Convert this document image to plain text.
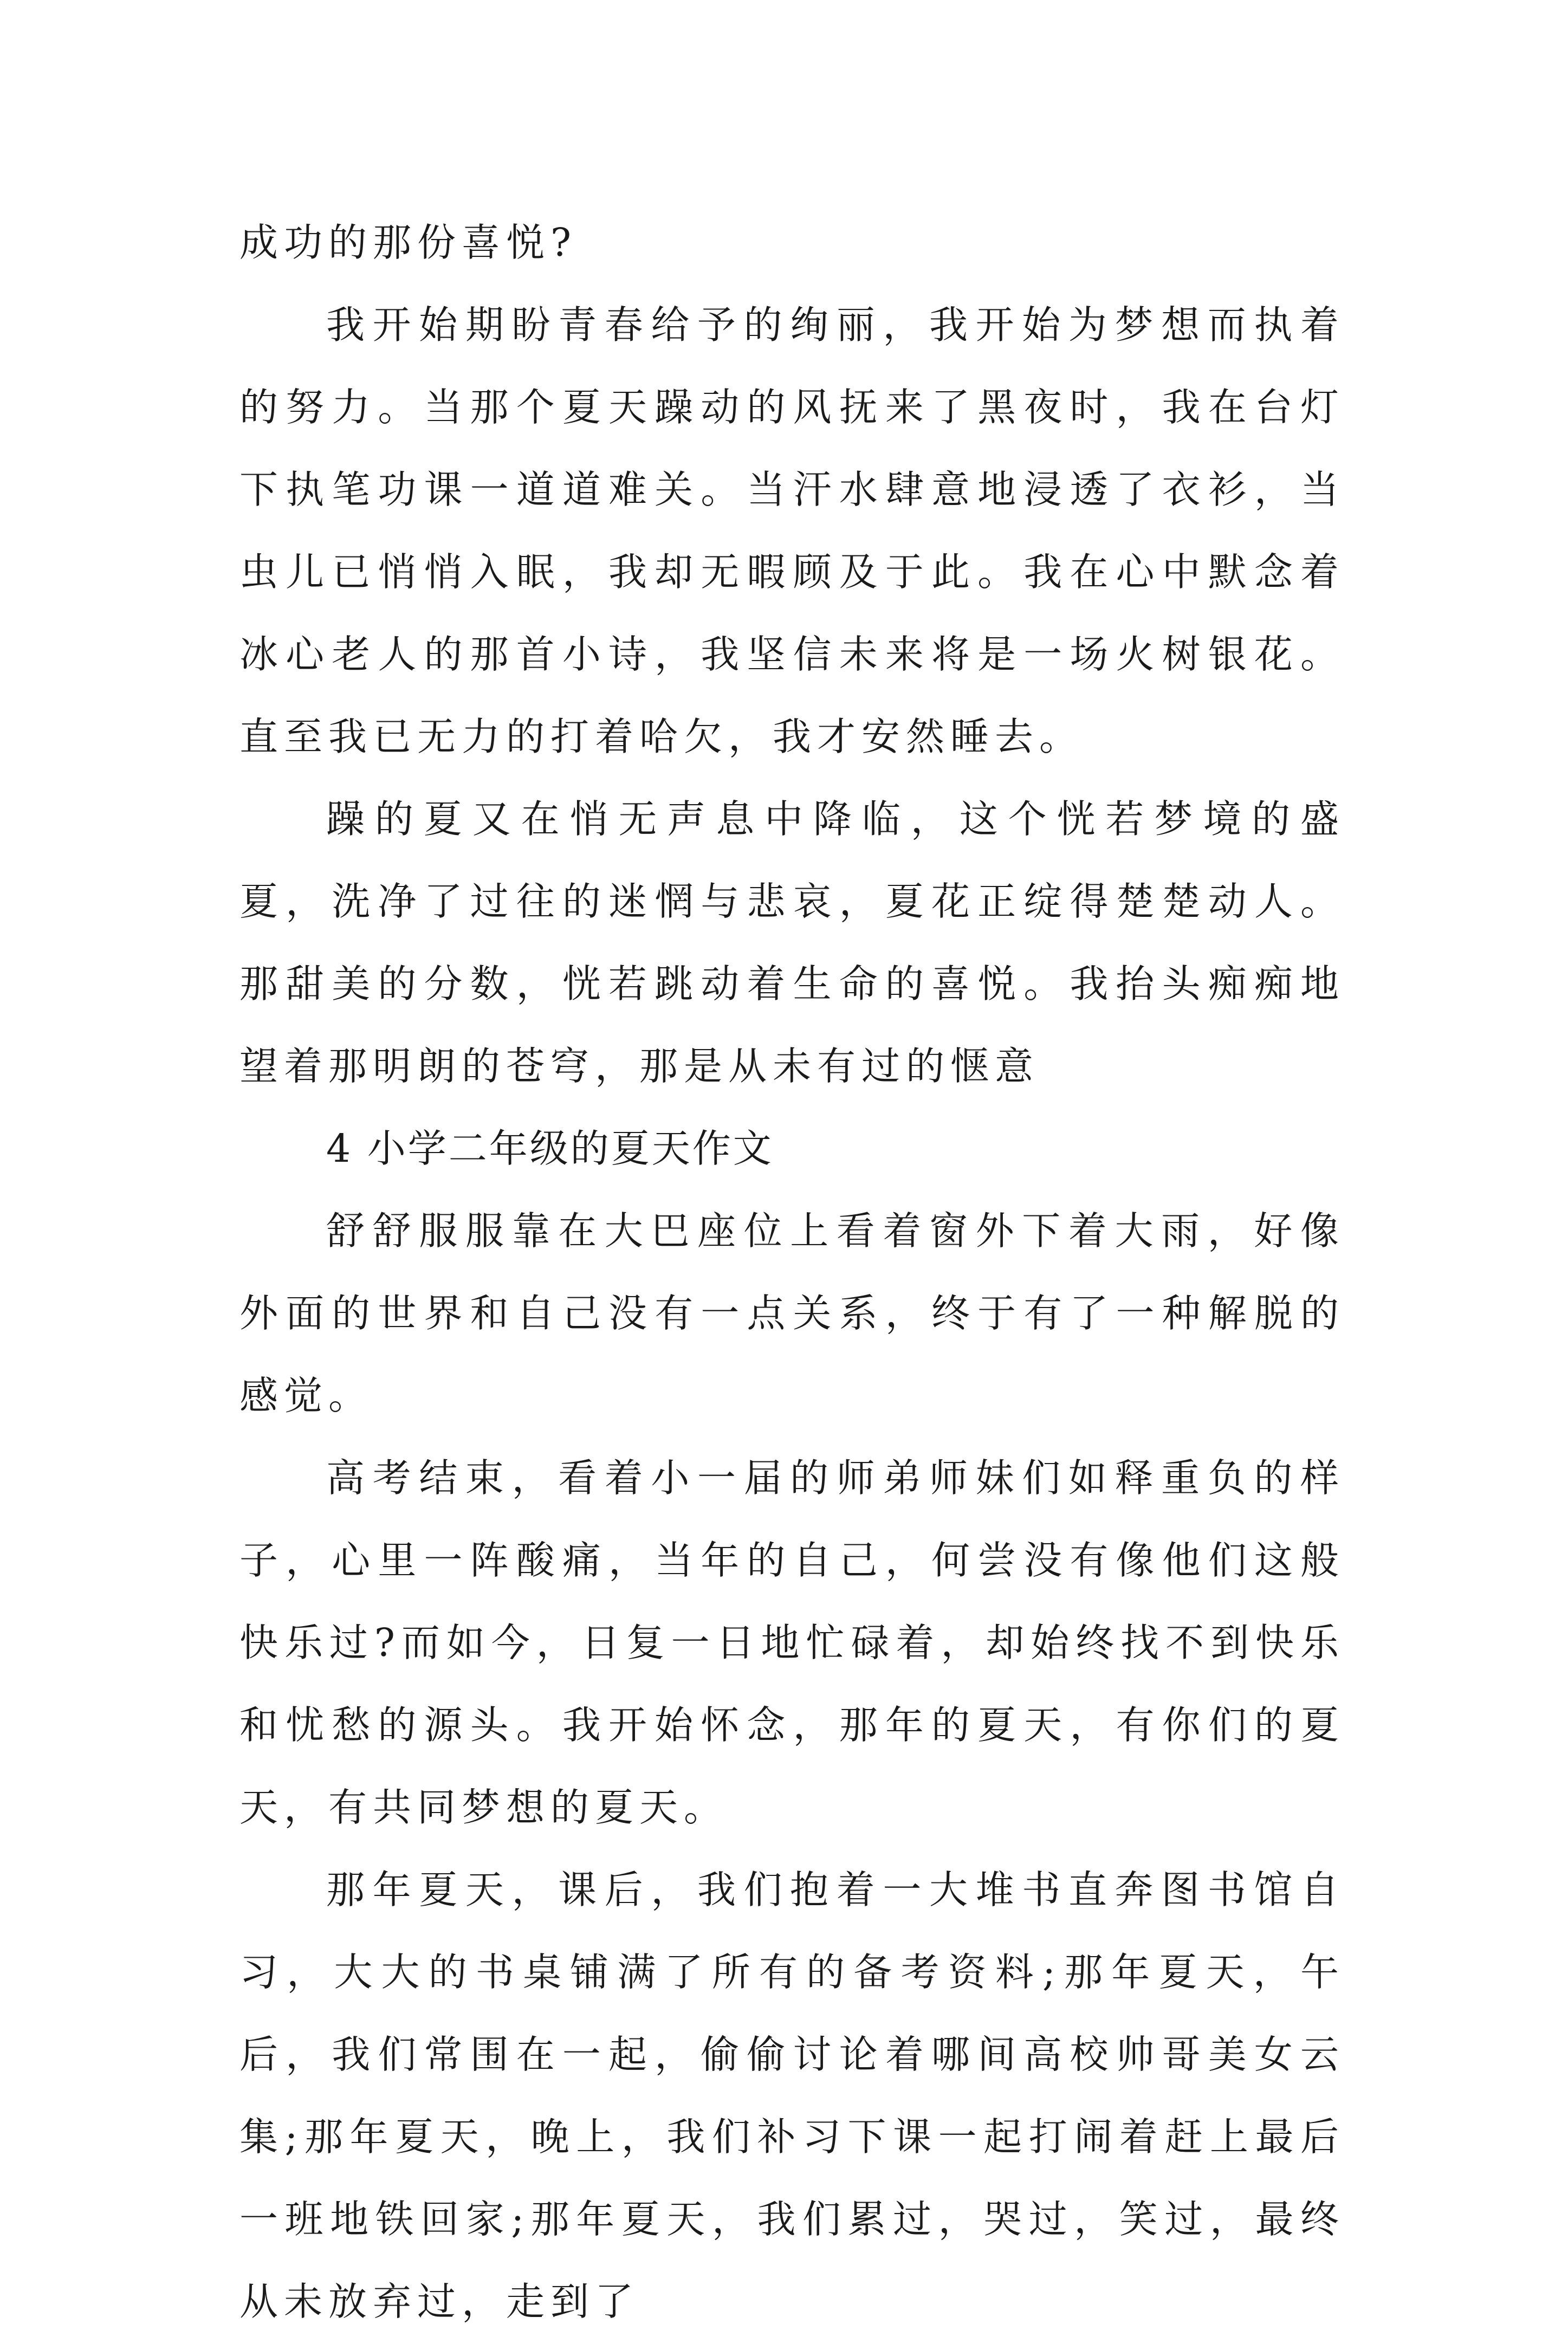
成功的那份喜悦?

我开始期盼青春给予的绚丽，我开始为梦想而执着的努力。当那个夏天躁动的风抚来了黑夜时，我在台灯下执笔功课一道道难关。当汗水肆意地浸透了衣衫，当虫儿已悄悄入眠，我却无暇顾及于此。我在心中默念着冰心老人的那首小诗，我坚信未来将是一场火树银花。直至我已无力的打着哈欠，我才安然睡去。

躁的夏又在悄无声息中降临，这个恍若梦境的盛夏，洗净了过往的迷惘与悲哀，夏花正绽得楚楚动人。那甜美的分数，恍若跳动着生命的喜悦。我抬头痴痴地望着那明朗的苍穹，那是从未有过的惬意

4 小学二年级的夏天作文

舒舒服服靠在大巴座位上看着窗外下着大雨，好像外面的世界和自己没有一点关系，终于有了一种解脱的感觉。

高考结束，看着小一届的师弟师妹们如释重负的样子，心里一阵酸痛，当年的自己，何尝没有像他们这般快乐过?而如今，日复一日地忙碌着，却始终找不到快乐和忧愁的源头。我开始怀念，那年的夏天，有你们的夏天，有共同梦想的夏天。

那年夏天，课后，我们抱着一大堆书直奔图书馆自习，大大的书桌铺满了所有的备考资料;那年夏天，午后，我们常围在一起，偷偷讨论着哪间高校帅哥美女云集;那年夏天，晚上，我们补习下课一起打闹着赶上最后一班地铁回家;那年夏天，我们累过，哭过，笑过，最终从未放弃过，走到了
